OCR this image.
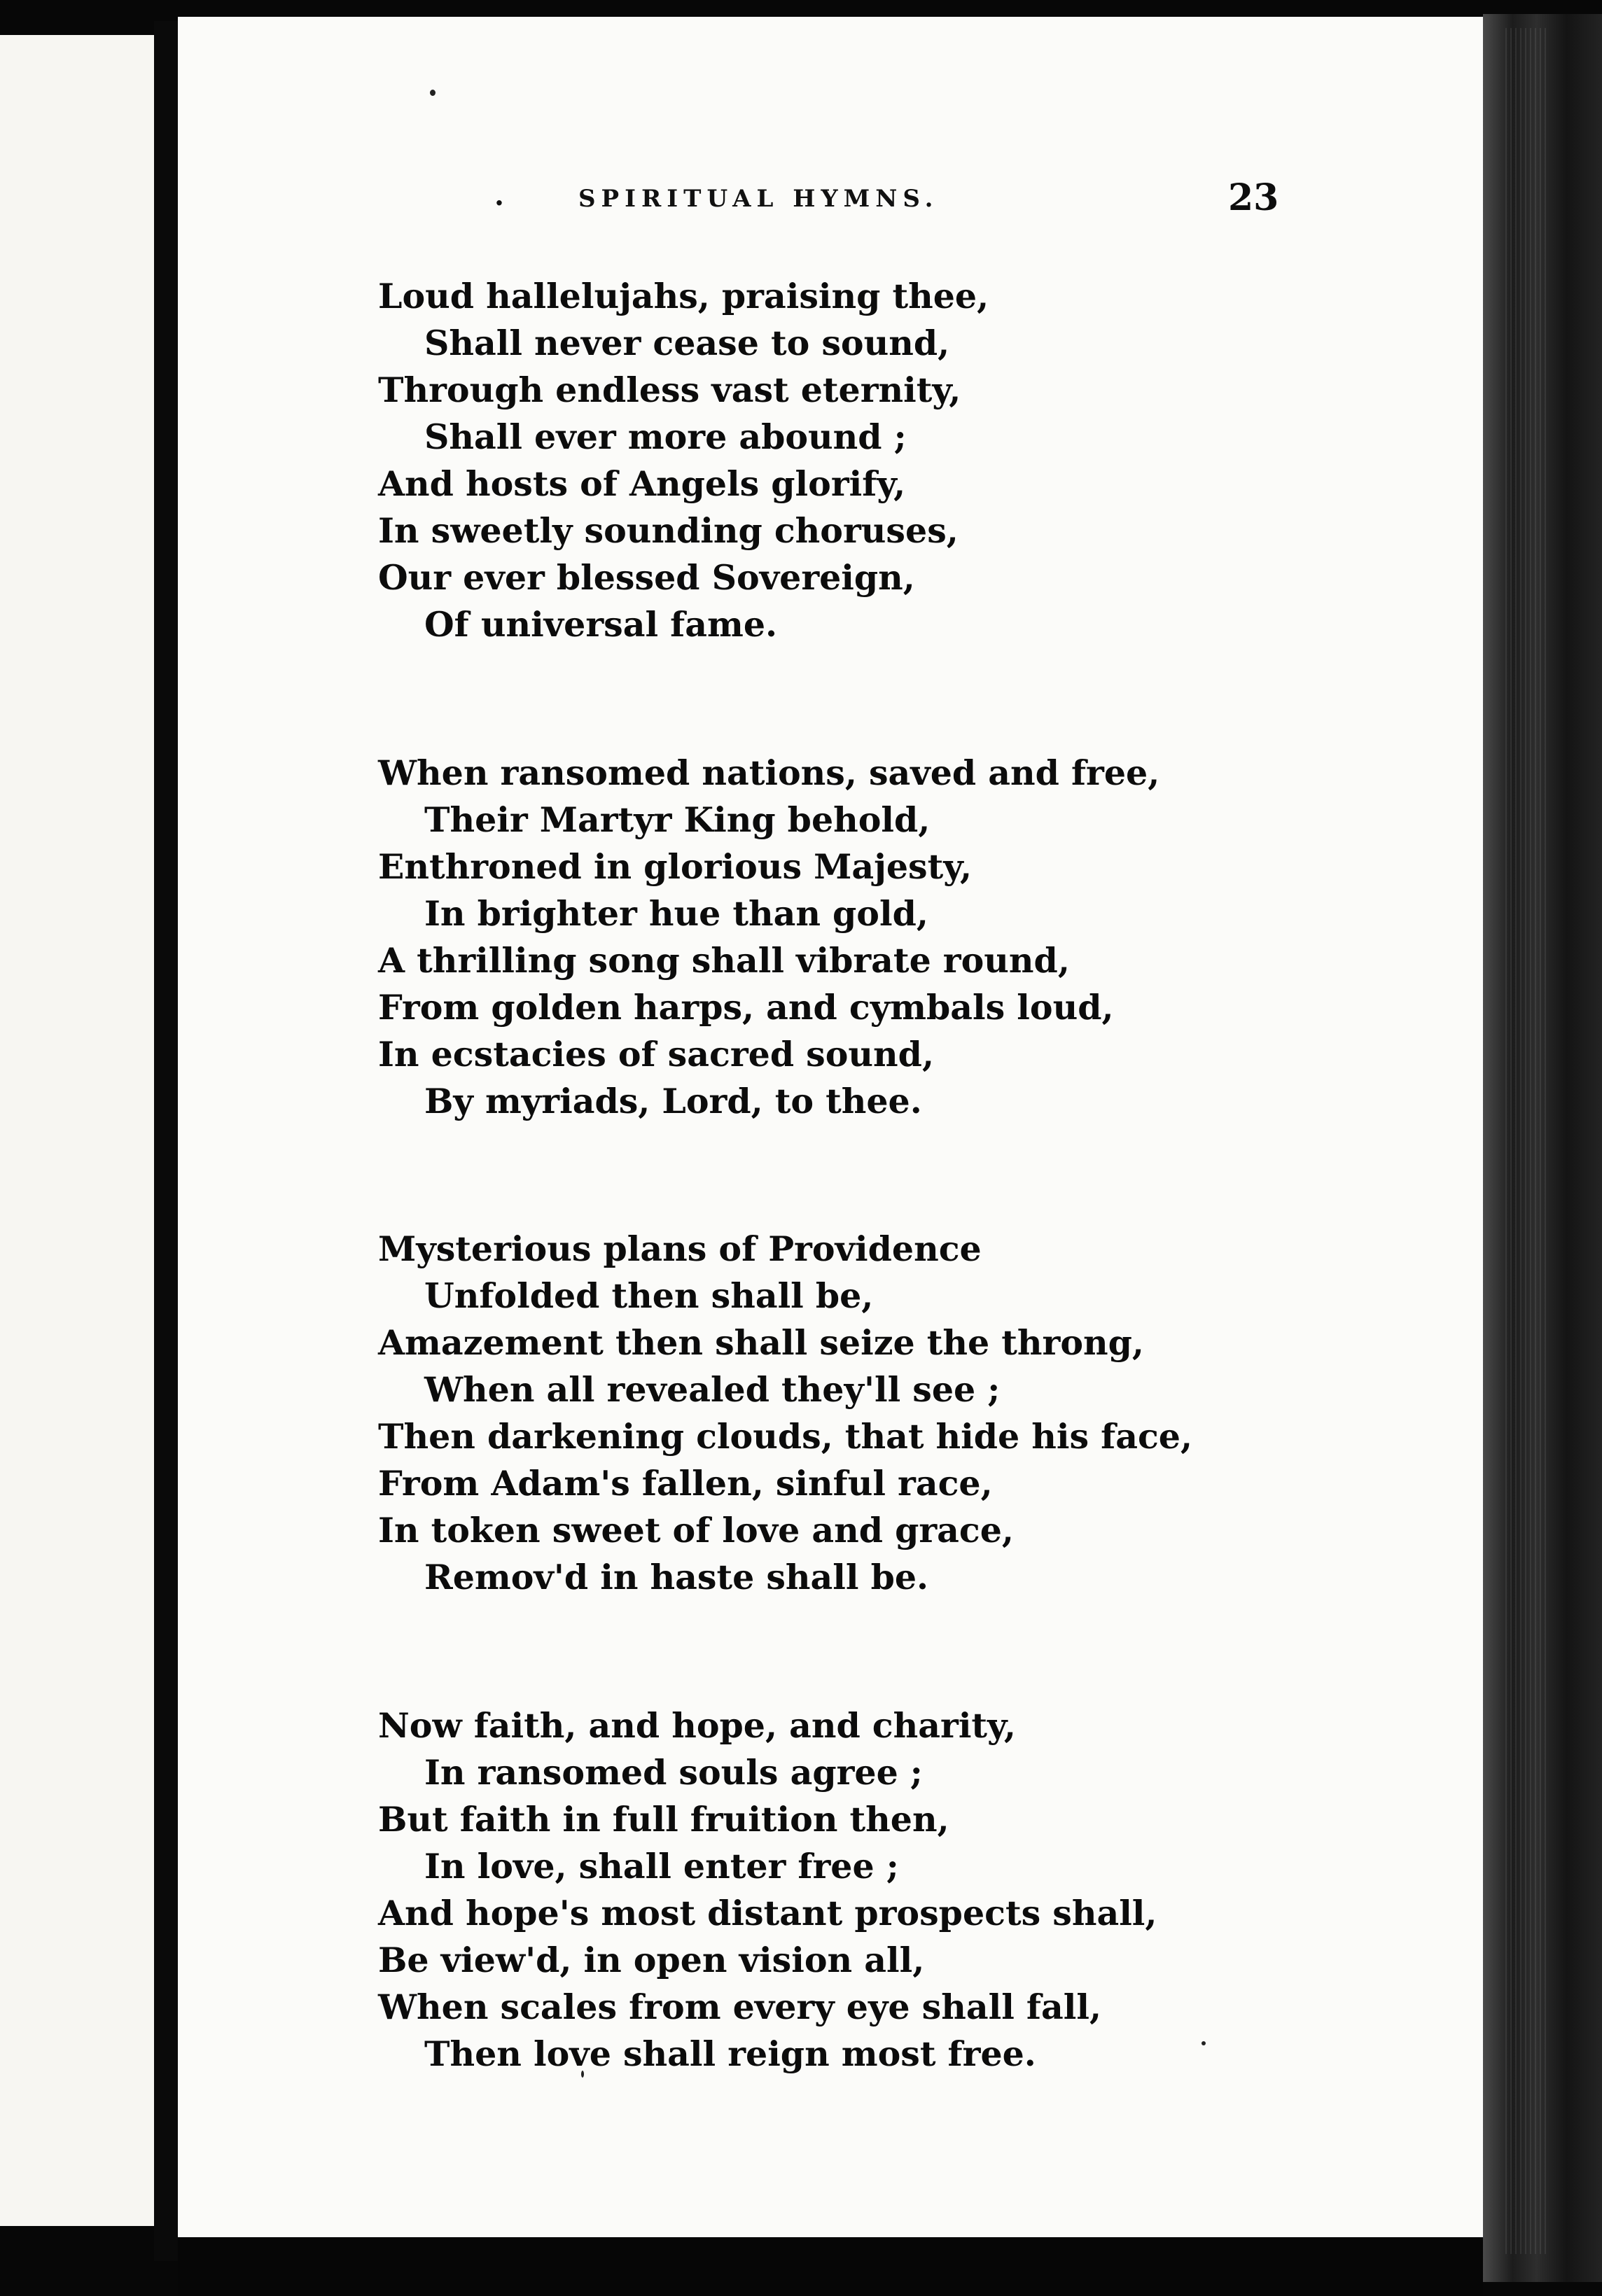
.	SPIRITUAL HYMNS.	23
Loud hallelujahs, praising thee,
Shall never cease to sound,
Through endless vast eternity,
Shall ever more abound ;
And hosts of Angels glorify,
In sweetly sounding choruses,
Our ever blessed Sovereign,
Of universal fame.
When ransomed nations, saved and free,
Their Martyr King behold,
Enthroned in glorious Majesty,
In brighter hue than gold,
A thrilling song shall vibrate round,
From golden harps, and cymbals loud,
In ecstacies of sacred sound,
By myriads, Lord, to thee.
Mysterious plans of Providence
Unfolded then shall be,
Amazement then shall seize the throng,
When all revealed they'll see ;
Then darkening clouds, that hide his face,
From Adam's fallen, sinful race,
In token sweet of love and grace,
Remov'd in haste shall be.
Now faith, and hope, and charity,
In ransomed souls agree ;
But faith in full fruition then,
In love, shall enter free ;
And hope's most distant prospects shall,
Be view'd, in open vision all,
When scales from every eye shall fall,
Then love shall reign most free.
